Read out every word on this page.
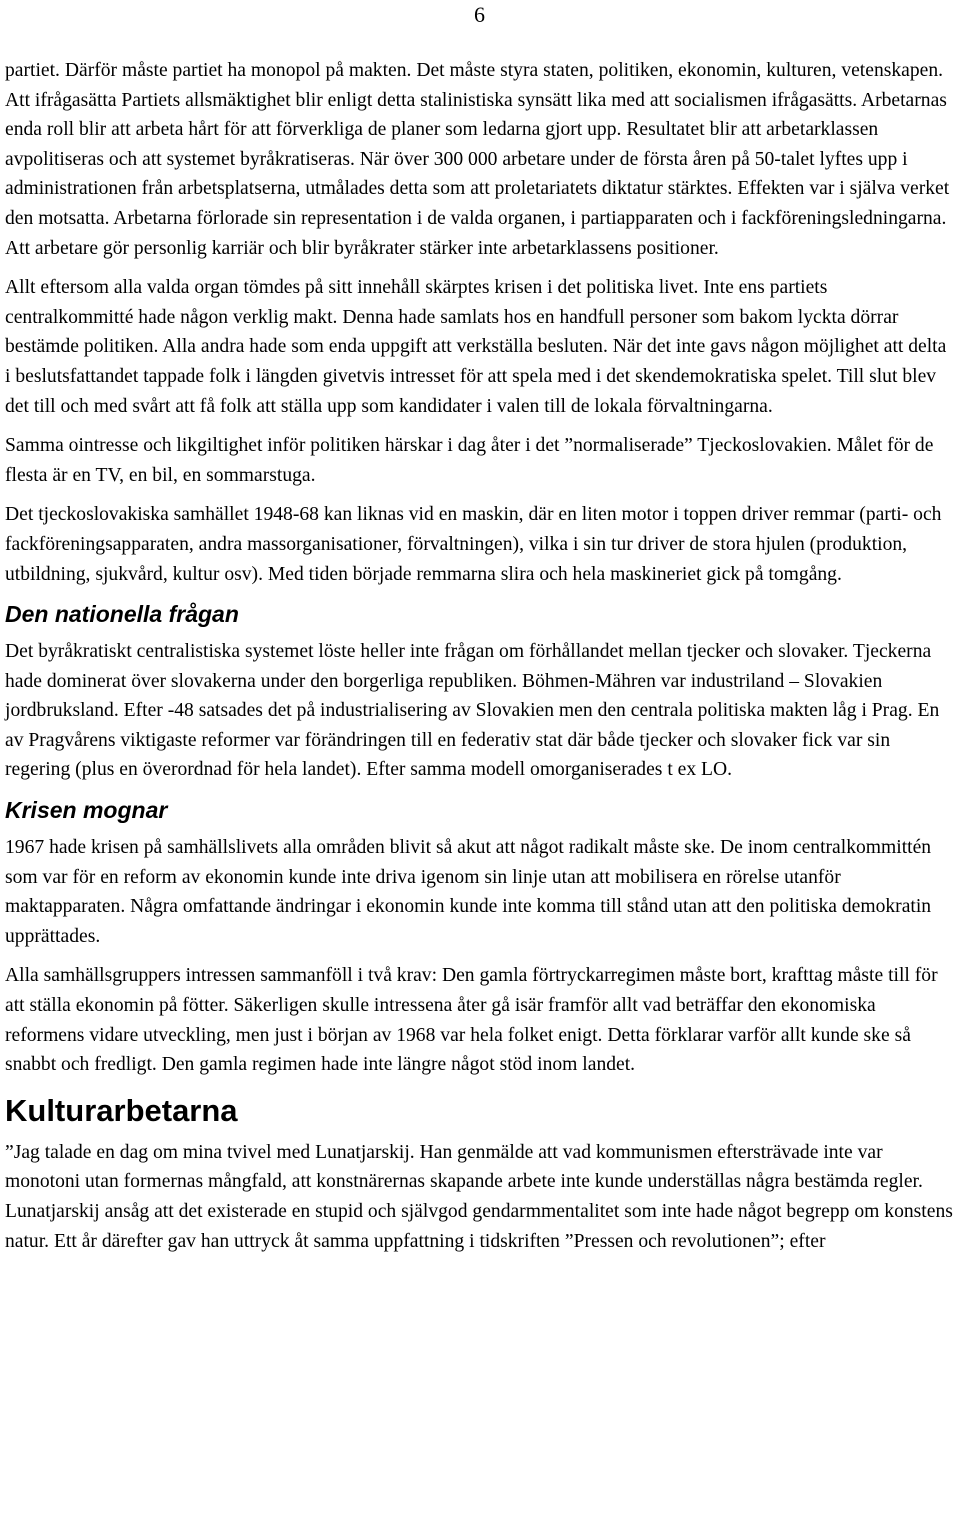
6

partiet. Därför måste partiet ha monopol på makten. Det måste styra staten, politiken, ekonomin, kulturen, vetenskapen. Att ifrågasätta Partiets allsmäktighet blir enligt detta stalinistiska synsätt lika med att socialismen ifrågasätts. Arbetarnas enda roll blir att arbeta hårt för att förverkliga de planer som ledarna gjort upp. Resultatet blir att arbetarklassen avpolitiseras och att systemet byråkratiseras. När över 300 000 arbetare under de första åren på 50-talet lyftes upp i administrationen från arbetsplatserna, utmålades detta som att proletariatets diktatur stärktes. Effekten var i själva verket den motsatta. Arbetarna förlorade sin representation i de valda organen, i partiapparaten och i fackföreningsledningarna. Att arbetare gör personlig karriär och blir byråkrater stärker inte arbetarklassens positioner.

Allt eftersom alla valda organ tömdes på sitt innehåll skärptes krisen i det politiska livet. Inte ens partiets centralkommitté hade någon verklig makt. Denna hade samlats hos en handfull personer som bakom lyckta dörrar bestämde politiken. Alla andra hade som enda uppgift att verkställa besluten. När det inte gavs någon möjlighet att delta i beslutsfattandet tappade folk i längden givetvis intresset för att spela med i det skendemokratiska spelet. Till slut blev det till och med svårt att få folk att ställa upp som kandidater i valen till de lokala förvaltningarna.

Samma ointresse och likgiltighet inför politiken härskar i dag åter i det ”normaliserade” Tjeckoslovakien. Målet för de flesta är en TV, en bil, en sommarstuga.

Det tjeckoslovakiska samhället 1948-68 kan liknas vid en maskin, där en liten motor i toppen driver remmar (parti- och fackföreningsapparaten, andra massorganisationer, förvaltningen), vilka i sin tur driver de stora hjulen (produktion, utbildning, sjukvård, kultur osv). Med tiden började remmarna slira och hela maskineriet gick på tomgång.

Den nationella frågan

Det byråkratiskt centralistiska systemet löste heller inte frågan om förhållandet mellan tjecker och slovaker. Tjeckerna hade dominerat över slovakerna under den borgerliga republiken. Böhmen-Mähren var industriland – Slovakien jordbruksland. Efter -48 satsades det på industrialisering av Slovakien men den centrala politiska makten låg i Prag. En av Pragvårens viktigaste reformer var förändringen till en federativ stat där både tjecker och slovaker fick var sin regering (plus en överordnad för hela landet). Efter samma modell omorganiserades t ex LO.

Krisen mognar

1967 hade krisen på samhällslivets alla områden blivit så akut att något radikalt måste ske. De inom centralkommittén som var för en reform av ekonomin kunde inte driva igenom sin linje utan att mobilisera en rörelse utanför maktapparaten. Några omfattande ändringar i ekonomin kunde inte komma till stånd utan att den politiska demokratin upprättades.

Alla samhällsgruppers intressen sammanföll i två krav: Den gamla förtryckarregimen måste bort, krafttag måste till för att ställa ekonomin på fötter. Säkerligen skulle intressena åter gå isär framför allt vad beträffar den ekonomiska reformens vidare utveckling, men just i början av 1968 var hela folket enigt. Detta förklarar varför allt kunde ske så snabbt och fredligt. Den gamla regimen hade inte längre något stöd inom landet.

Kulturarbetarna

”Jag talade en dag om mina tvivel med Lunatjarskij. Han genmälde att vad kommunismen eftersträvade inte var monotoni utan formernas mångfald, att konstnärernas skapande arbete inte kunde underställas några bestämda regler. Lunatjarskij ansåg att det existerade en stupid och självgod gendarmmentalitet som inte hade något begrepp om konstens natur. Ett år därefter gav han uttryck åt samma uppfattning i tidskriften ”Pressen och revolutionen”; efter
